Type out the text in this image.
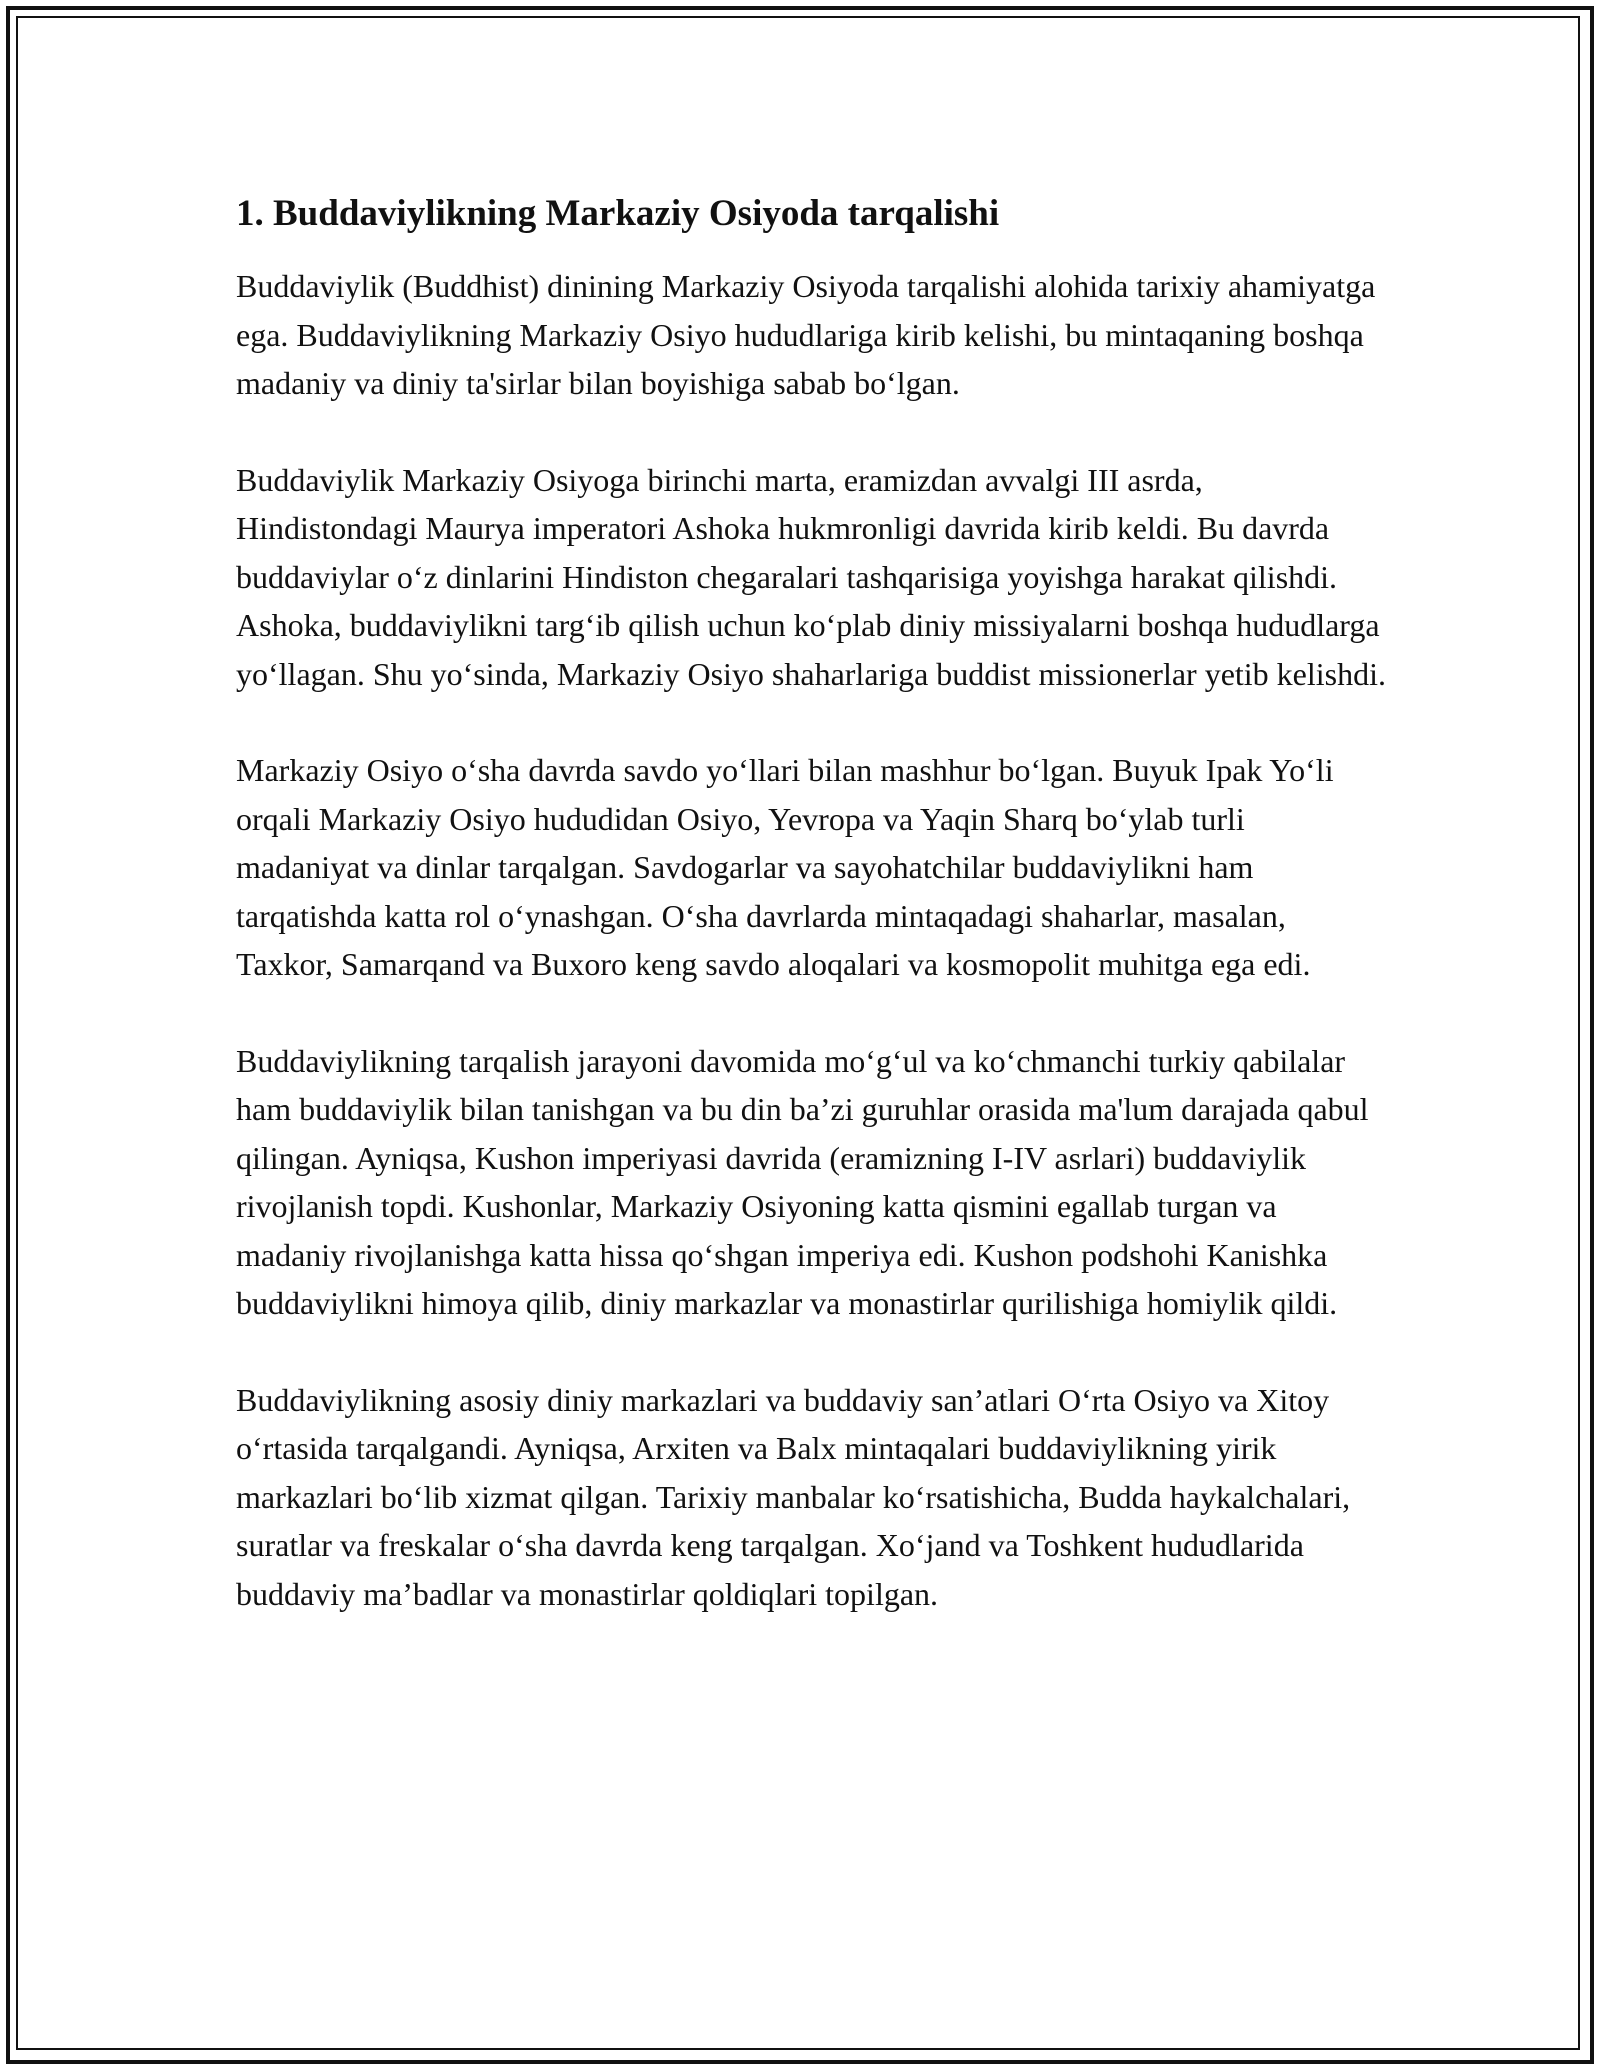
1. Buddaviylikning Markaziy Osiyoda tarqalishi

Buddaviylik (Buddhist) dinining Markaziy Osiyoda tarqalishi alohida tarixiy ahamiyatga ega. Buddaviylikning Markaziy Osiyo hududlariga kirib kelishi, bu mintaqaning boshqa madaniy va diniy ta'sirlar bilan boyishiga sabab bo‘lgan.

Buddaviylik Markaziy Osiyoga birinchi marta, eramizdan avvalgi III asrda, Hindistondagi Maurya imperatori Ashoka hukmronligi davrida kirib keldi. Bu davrda buddaviylar o‘z dinlarini Hindiston chegaralari tashqarisiga yoyishga harakat qilishdi. Ashoka, buddaviylikni targ‘ib qilish uchun ko‘plab diniy missiyalarni boshqa hududlarga yo‘llagan. Shu yo‘sinda, Markaziy Osiyo shaharlariga buddist missionerlar yetib kelishdi.

Markaziy Osiyo o‘sha davrda savdo yo‘llari bilan mashhur bo‘lgan. Buyuk Ipak Yo‘li orqali Markaziy Osiyo hududidan Osiyo, Yevropa va Yaqin Sharq bo‘ylab turli madaniyat va dinlar tarqalgan. Savdogarlar va sayohatchilar buddaviylikni ham tarqatishda katta rol o‘ynashgan. O‘sha davrlarda mintaqadagi shaharlar, masalan, Taxkor, Samarqand va Buxoro keng savdo aloqalari va kosmopolit muhitga ega edi.

Buddaviylikning tarqalish jarayoni davomida mo‘g‘ul va ko‘chmanchi turkiy qabilalar ham buddaviylik bilan tanishgan va bu din ba’zi guruhlar orasida ma'lum darajada qabul qilingan. Ayniqsa, Kushon imperiyasi davrida (eramizning I-IV asrlari) buddaviylik rivojlanish topdi. Kushonlar, Markaziy Osiyoning katta qismini egallab turgan va madaniy rivojlanishga katta hissa qo‘shgan imperiya edi. Kushon podshohi Kanishka buddaviylikni himoya qilib, diniy markazlar va monastirlar qurilishiga homiylik qildi.

Buddaviylikning asosiy diniy markazlari va buddaviy san’atlari O‘rta Osiyo va Xitoy o‘rtasida tarqalgandi. Ayniqsa, Arxiten va Balx mintaqalari buddaviylikning yirik markazlari bo‘lib xizmat qilgan. Tarixiy manbalar ko‘rsatishicha, Budda haykalchalari, suratlar va freskalar o‘sha davrda keng tarqalgan. Xo‘jand va Toshkent hududlarida buddaviy ma’badlar va monastirlar qoldiqlari topilgan.
